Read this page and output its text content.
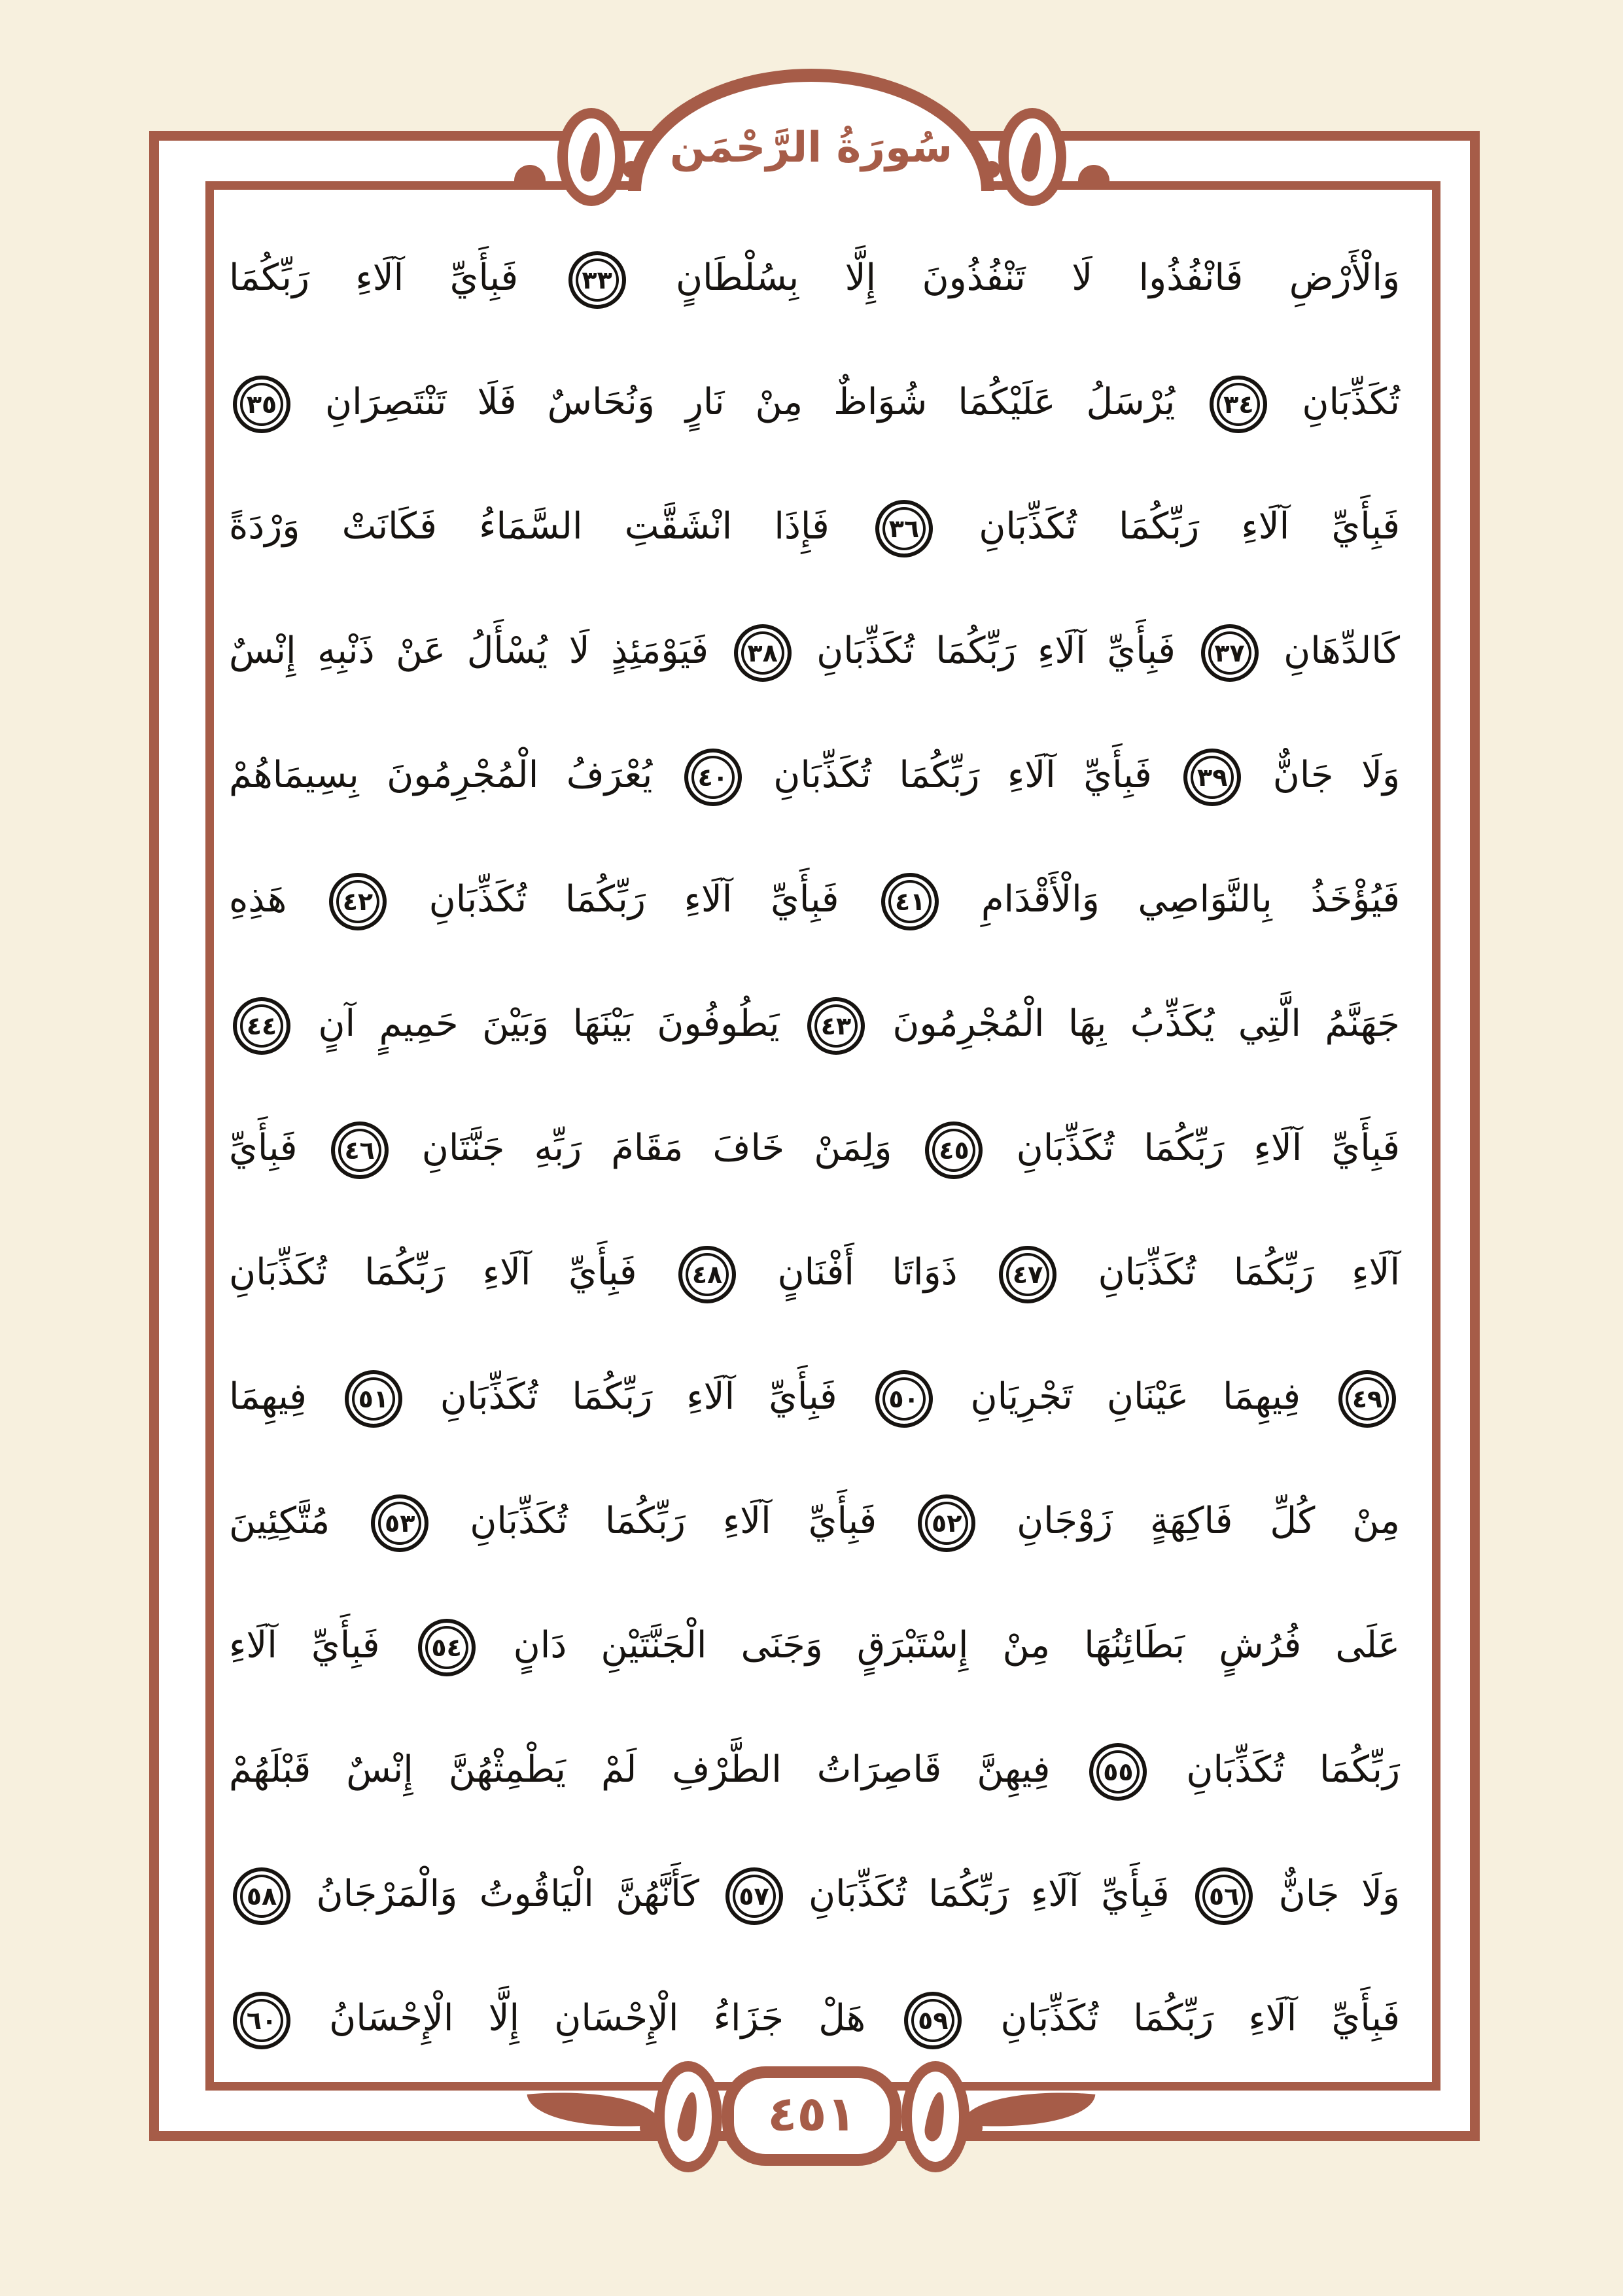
سُورَةُ الرَّحْمَن
وَالْأَرْضِ فَانْفُذُوا لَا تَنْفُذُونَ إِلَّا بِسُلْطَانٍ ٣٣ فَبِأَيِّ آلَاءِ رَبِّكُمَا
تُكَذِّبَانِ ٣٤ يُرْسَلُ عَلَيْكُمَا شُوَاظٌ مِنْ نَارٍ وَنُحَاسٌ فَلَا تَنْتَصِرَانِ ٣٥
فَبِأَيِّ آلَاءِ رَبِّكُمَا تُكَذِّبَانِ ٣٦ فَإِذَا انْشَقَّتِ السَّمَاءُ فَكَانَتْ وَرْدَةً
كَالدِّهَانِ ٣٧ فَبِأَيِّ آلَاءِ رَبِّكُمَا تُكَذِّبَانِ ٣٨ فَيَوْمَئِذٍ لَا يُسْأَلُ عَنْ ذَنْبِهِ إِنْسٌ
وَلَا جَانٌّ ٣٩ فَبِأَيِّ آلَاءِ رَبِّكُمَا تُكَذِّبَانِ ٤٠ يُعْرَفُ الْمُجْرِمُونَ بِسِيمَاهُمْ
فَيُؤْخَذُ بِالنَّوَاصِي وَالْأَقْدَامِ ٤١ فَبِأَيِّ آلَاءِ رَبِّكُمَا تُكَذِّبَانِ ٤٢ هَذِهِ
جَهَنَّمُ الَّتِي يُكَذِّبُ بِهَا الْمُجْرِمُونَ ٤٣ يَطُوفُونَ بَيْنَهَا وَبَيْنَ حَمِيمٍ آنٍ ٤٤
فَبِأَيِّ آلَاءِ رَبِّكُمَا تُكَذِّبَانِ ٤٥ وَلِمَنْ خَافَ مَقَامَ رَبِّهِ جَنَّتَانِ ٤٦ فَبِأَيِّ
آلَاءِ رَبِّكُمَا تُكَذِّبَانِ ٤٧ ذَوَاتَا أَفْنَانٍ ٤٨ فَبِأَيِّ آلَاءِ رَبِّكُمَا تُكَذِّبَانِ
٤٩ فِيهِمَا عَيْنَانِ تَجْرِيَانِ ٥٠ فَبِأَيِّ آلَاءِ رَبِّكُمَا تُكَذِّبَانِ ٥١ فِيهِمَا
مِنْ كُلِّ فَاكِهَةٍ زَوْجَانِ ٥٢ فَبِأَيِّ آلَاءِ رَبِّكُمَا تُكَذِّبَانِ ٥٣ مُتَّكِئِينَ
عَلَى فُرُشٍ بَطَائِنُهَا مِنْ إِسْتَبْرَقٍ وَجَنَى الْجَنَّتَيْنِ دَانٍ ٥٤ فَبِأَيِّ آلَاءِ
رَبِّكُمَا تُكَذِّبَانِ ٥٥ فِيهِنَّ قَاصِرَاتُ الطَّرْفِ لَمْ يَطْمِثْهُنَّ إِنْسٌ قَبْلَهُمْ
وَلَا جَانٌّ ٥٦ فَبِأَيِّ آلَاءِ رَبِّكُمَا تُكَذِّبَانِ ٥٧ كَأَنَّهُنَّ الْيَاقُوتُ وَالْمَرْجَانُ ٥٨
فَبِأَيِّ آلَاءِ رَبِّكُمَا تُكَذِّبَانِ ٥٩ هَلْ جَزَاءُ الْإِحْسَانِ إِلَّا الْإِحْسَانُ ٦٠
٤٥١
